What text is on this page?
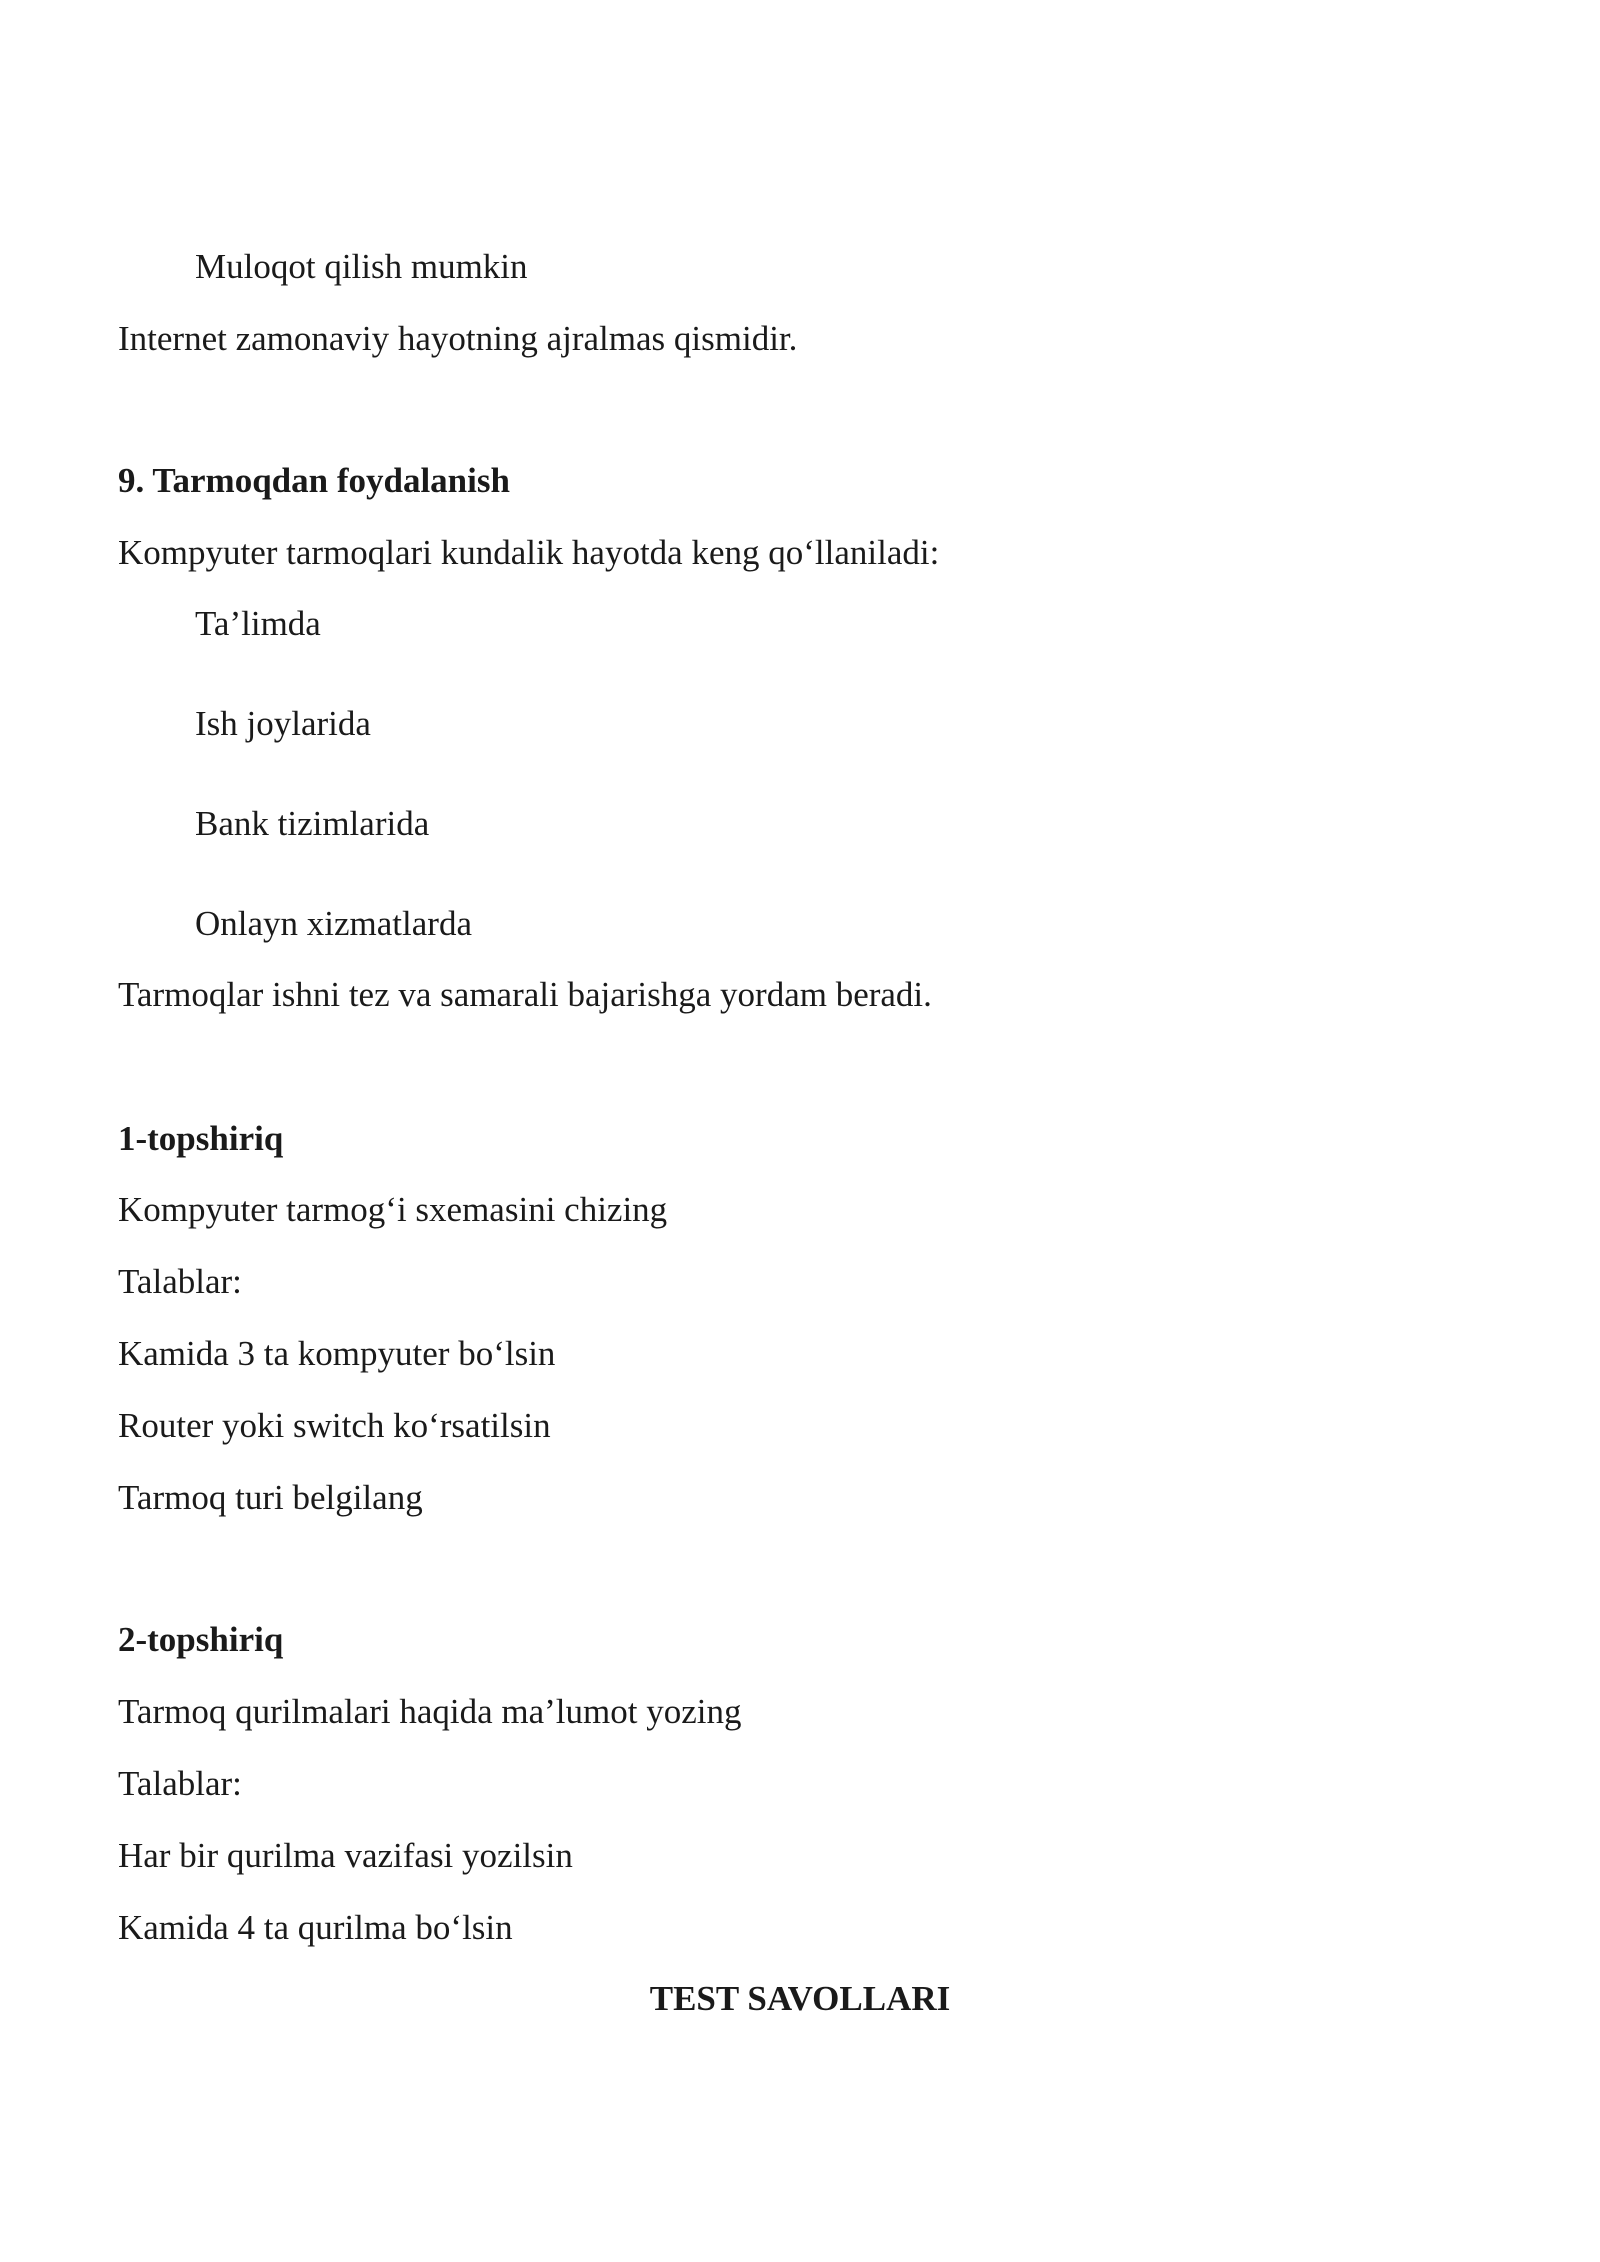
Muloqot qilish mumkin
Internet zamonaviy hayotning ajralmas qismidir.
9. Tarmoqdan foydalanish
Kompyuter tarmoqlari kundalik hayotda keng qo‘llaniladi:
Ta’limda
Ish joylarida
Bank tizimlarida
Onlayn xizmatlarda
Tarmoqlar ishni tez va samarali bajarishga yordam beradi.
1-topshiriq
Kompyuter tarmog‘i sxemasini chizing
Talablar:
Kamida 3 ta kompyuter bo‘lsin
Router yoki switch ko‘rsatilsin
Tarmoq turi belgilang
2-topshiriq
Tarmoq qurilmalari haqida ma’lumot yozing
Talablar:
Har bir qurilma vazifasi yozilsin
Kamida 4 ta qurilma bo‘lsin
TEST SAVOLLARI
